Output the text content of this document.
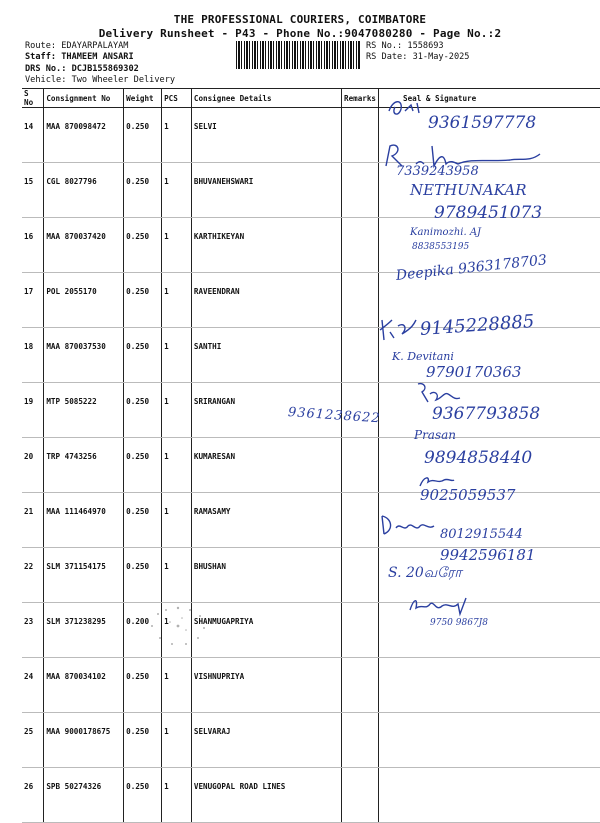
THE PROFESSIONAL COURIERS, COIMBATORE
Delivery Runsheet - P43 - Phone No.:9047080280 - Page No.:2
Route: EDAYARPALAYAM
Staff: THAMEEM ANSARI
DRS No.: DCJB155869302
Vehicle: Two Wheeler Delivery
RS No.: 1558693
RS Date: 31-May-2025
S No	Consignment No	Weight	PCS	Consignee Details	Remarks	Seal & Signature
14	MAA 870098472	0.250	1	SELVI		
15	CGL 8027796	0.250	1	BHUVANEHSWARI		
16	MAA 870037420	0.250	1	KARTHIKEYAN		
17	POL 2055170	0.250	1	RAVEENDRAN		
18	MAA 870037530	0.250	1	SANTHI		
19	MTP 5085222	0.250	1	SRIRANGAN		
20	TRP 4743256	0.250	1	KUMARESAN		
21	MAA 111464970	0.250	1	RAMASAMY		
22	SLM 371154175	0.250	1	BHUSHAN		
23	SLM 371238295	0.200	1	SHANMUGAPRIYA		
24	MAA 870034102	0.250	1	VISHNUPRIYA		
25	MAA 9000178675	0.250	1	SELVARAJ		
26	SPB 50274326	0.250	1	VENUGOPAL ROAD LINES		
9361597778
7339243958
NETHUNAKAR
9789451073
Kanimozhi. AJ
8838553195
Deepika 9363178703
9145228885
K. Devitani
9790170363
9367793858
9361238622
Prasan
9894858440
9025059537
8012915544
9942596181
S. 20வரோ
9750 9867J8
